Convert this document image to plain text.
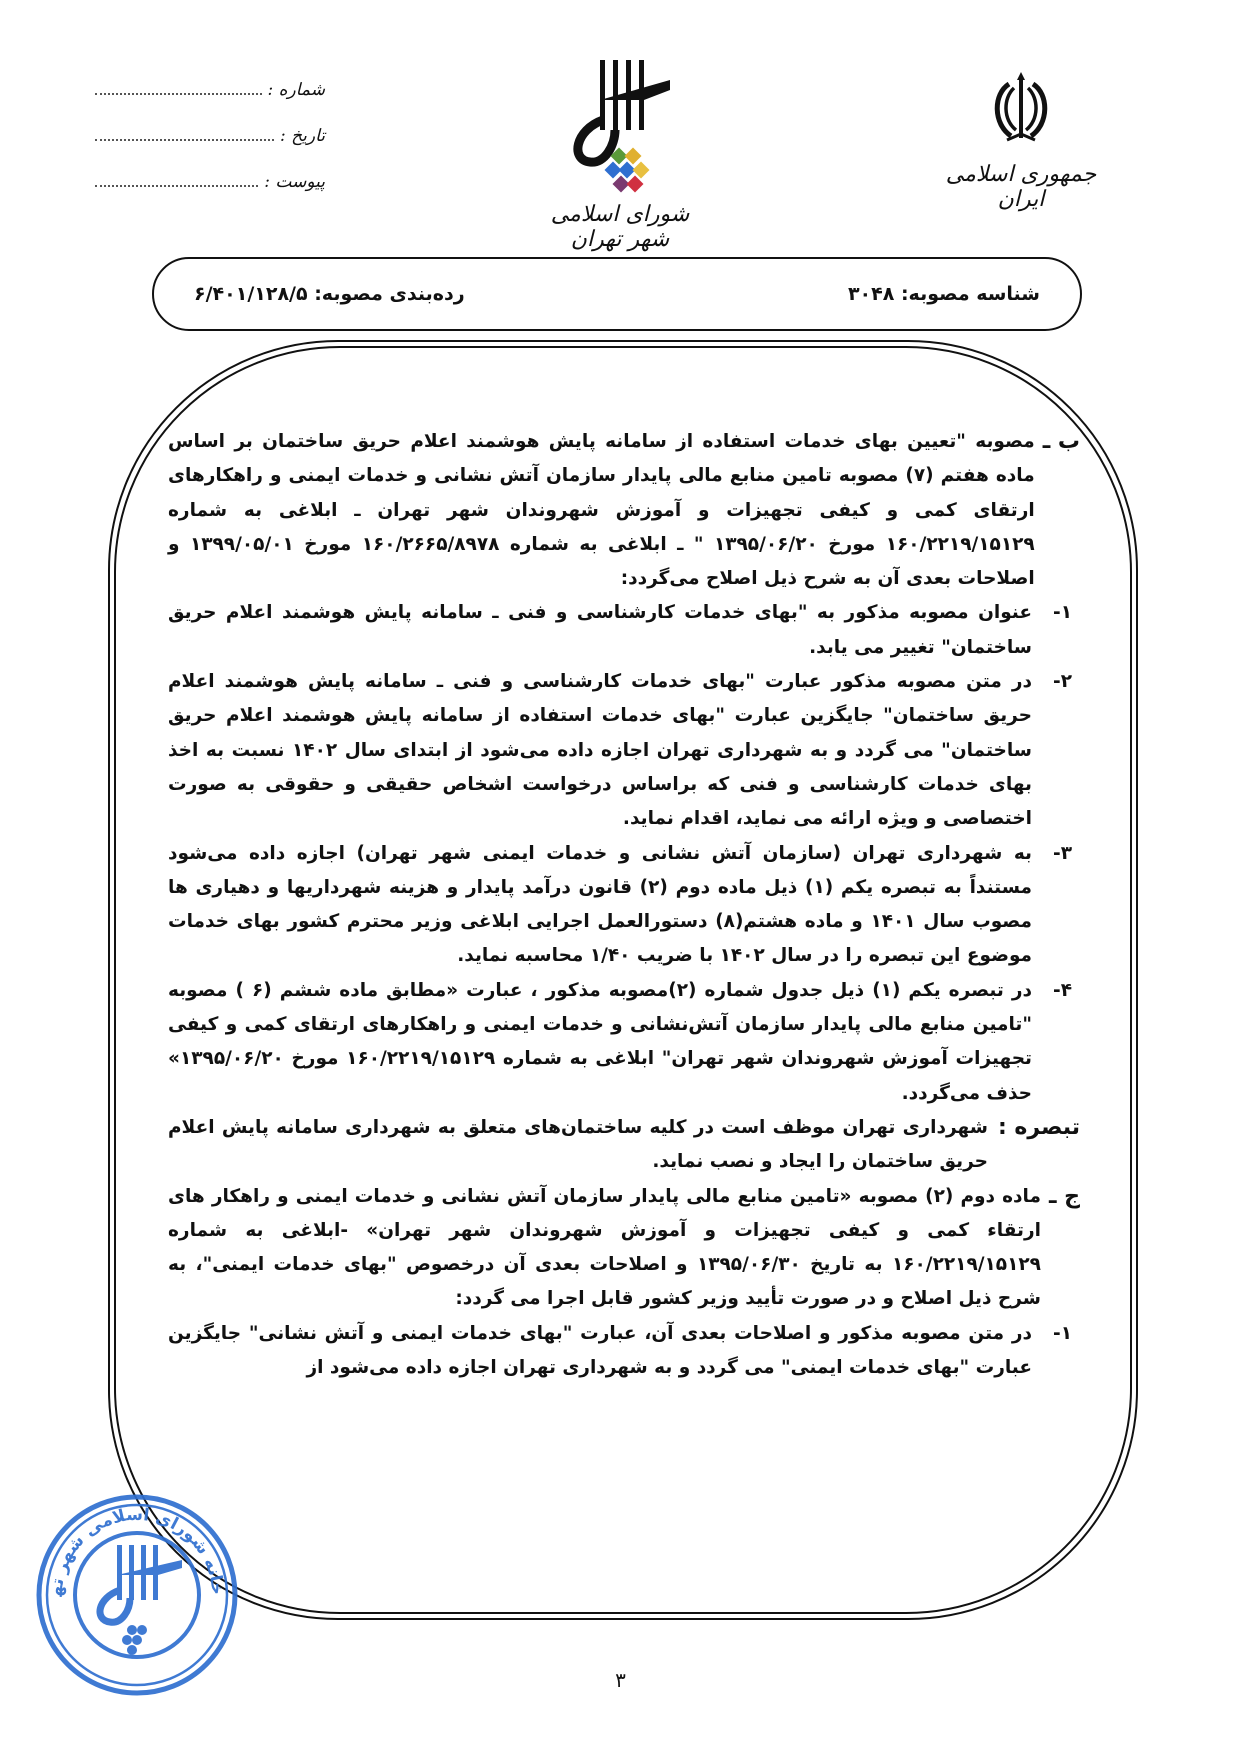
جمهوری اسلامی ایران
شورای اسلامی شهر تهران
شماره :
تاریخ :
پیوست :
شناسه مصوبه: ۳۰۴۸
رده‌بندی مصوبه: ۶/۴۰۱/۱۲۸/۵
ب ـ

مصوبه "تعیین بهای خدمات استفاده از سامانه پایش هوشمند اعلام حریق ساختمان بر اساس ماده هفتم (۷) مصوبه تامین منابع مالی پایدار سازمان آتش نشانی و خدمات ایمنی و راهکارهای ارتقای کمی و کیفی تجهیزات و آموزش شهروندان شهر تهران ـ ابلاغی به شماره ۱۶۰/۲۲۱۹/۱۵۱۲۹ مورخ ۱۳۹۵/۰۶/۲۰ " ـ ابلاغی به شماره ۱۶۰/۲۶۶۵/۸۹۷۸ مورخ ۱۳۹۹/۰۵/۰۱ و اصلاحات بعدی آن به شرح ذیل اصلاح می‌گردد:

۱-

عنوان مصوبه مذکور به "بهای خدمات کارشناسی و فنی ـ سامانه پایش هوشمند اعلام حریق ساختمان" تغییر می یابد.

۲-

در متن مصوبه مذکور عبارت "بهای خدمات کارشناسی و فنی ـ سامانه پایش هوشمند اعلام حریق ساختمان" جایگزین عبارت "بهای خدمات استفاده از سامانه پایش هوشمند اعلام حریق ساختمان" می گردد و به شهرداری تهران اجازه داده می‌شود از ابتدای سال ۱۴۰۲ نسبت به اخذ بهای خدمات کارشناسی و فنی که براساس درخواست اشخاص حقیقی و حقوقی به صورت اختصاصی و ویژه ارائه می نماید، اقدام نماید.

۳-

به شهرداری تهران (سازمان آتش نشانی و خدمات ایمنی شهر تهران) اجازه داده می‌شود مستنداً به تبصره یکم (۱) ذیل ماده دوم (۲) قانون درآمد پایدار و هزینه شهرداریها و دهیاری ها مصوب سال ۱۴۰۱ و ماده هشتم(۸) دستورالعمل اجرایی ابلاغی وزیر محترم کشور بهای خدمات موضوع این تبصره را در سال ۱۴۰۲ با ضریب ۱/۴۰ محاسبه نماید.

۴-

در تبصره یکم (۱) ذیل جدول شماره (۲)مصوبه مذکور ، عبارت «مطابق ماده ششم (۶ ) مصوبه "تامین منابع مالی پایدار سازمان آتش‌نشانی و خدمات ایمنی و راهکارهای ارتقای کمی و کیفی تجهیزات آموزش شهروندان شهر تهران" ابلاغی به شماره ۱۶۰/۲۲۱۹/۱۵۱۲۹ مورخ ۱۳۹۵/۰۶/۲۰» حذف می‌گردد.

تبصره :

شهرداری تهران موظف است در کلیه ساختمان‌های متعلق به شهرداری سامانه پایش اعلام حریق ساختمان را ایجاد و نصب نماید.

ج ـ

ماده دوم (۲) مصوبه «تامین منابع مالی پایدار سازمان آتش نشانی و خدمات ایمنی و راهکار های ارتقاء کمی و کیفی تجهیزات و آموزش شهروندان شهر تهران» -ابلاغی به شماره ۱۶۰/۲۲۱۹/۱۵۱۲۹ به تاریخ ۱۳۹۵/۰۶/۳۰ و اصلاحات بعدی آن درخصوص "بهای خدمات ایمنی"، به شرح ذیل اصلاح و در صورت تأیید وزیر کشور قابل اجرا می گردد:

۱-

در متن مصوبه مذکور و اصلاحات بعدی آن، عبارت "بهای خدمات ایمنی و آتش نشانی" جایگزین عبارت "بهای خدمات ایمنی" می گردد و به شهرداری تهران اجازه داده می‌شود از

خانه شورای اسلامی شهر ته
۳
